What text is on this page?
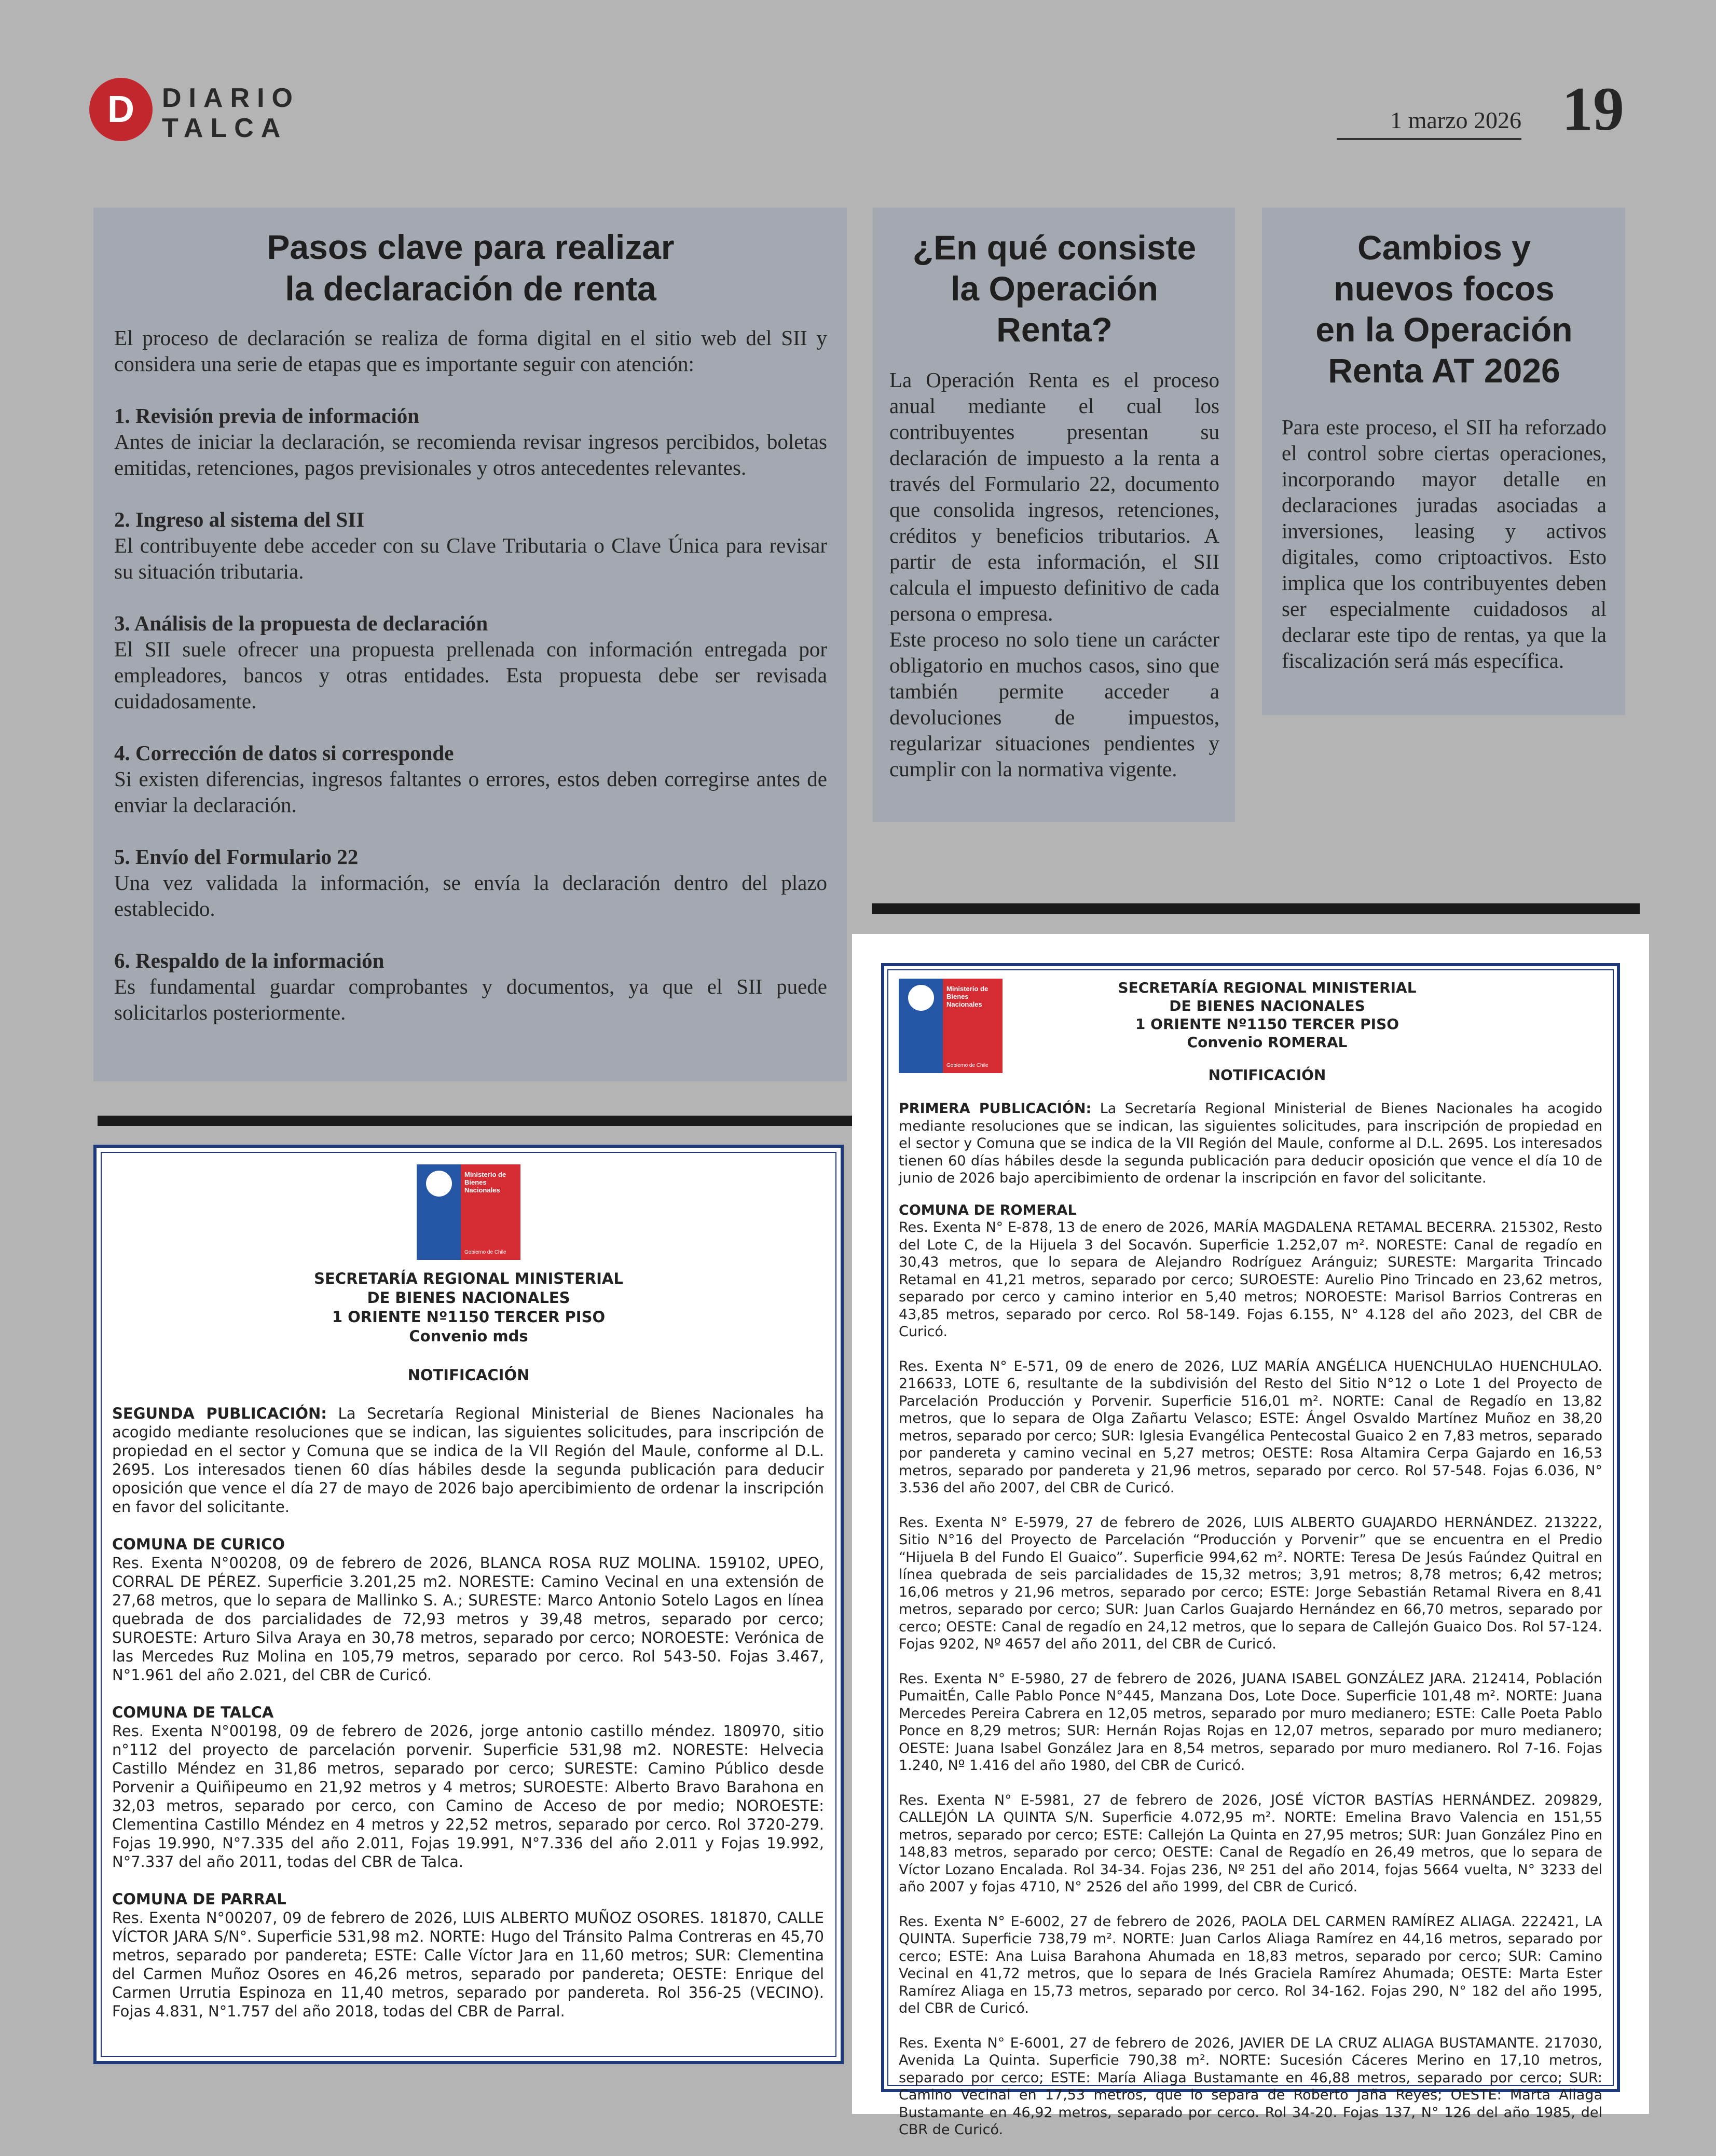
D	DIARIO
TALCA	1 marzo 2026 19
Pasos clave para realizar
la declaración de renta

El proceso de declaración se realiza de forma digital en el sitio web del SII y considera una serie de etapas que es importante seguir con atención:

1. Revisión previa de información

Antes de iniciar la declaración, se recomienda revisar ingresos percibidos, boletas emitidas, retenciones, pagos previsionales y otros antecedentes relevantes.

2. Ingreso al sistema del SII

El contribuyente debe acceder con su Clave Tributaria o Clave Única para revisar su situación tributaria.

3. Análisis de la propuesta de declaración

El SII suele ofrecer una propuesta prellenada con información entregada por empleadores, bancos y otras entidades. Esta propuesta debe ser revisada cuidadosamente.

4. Corrección de datos si corresponde

Si existen diferencias, ingresos faltantes o errores, estos deben corregirse antes de enviar la declaración.

5. Envío del Formulario 22

Una vez validada la información, se envía la declaración dentro del plazo establecido.

6. Respaldo de la información

Es fundamental guardar comprobantes y documentos, ya que el SII puede solicitarlos posteriormente.

¿En qué consiste
la Operación
Renta?

La Operación Renta es el proceso anual mediante el cual los contribuyentes presentan su declaración de impuesto a la renta a través del Formulario 22, documento que consolida ingresos, retenciones, créditos y beneficios tributarios. A partir de esta información, el SII calcula el impuesto definitivo de cada persona o empresa.

Este proceso no solo tiene un carácter obligatorio en muchos casos, sino que también permite acceder a devoluciones de impuestos, regularizar situaciones pendientes y cumplir con la normativa vigente.

Cambios y
nuevos focos
en la Operación
Renta AT 2026

Para este proceso, el SII ha reforzado el control sobre ciertas operaciones, incorporando mayor detalle en declaraciones juradas asociadas a inversiones, leasing y activos digitales, como criptoactivos. Esto implica que los contribuyentes deben ser especialmente cuidadosos al declarar este tipo de rentas, ya que la fiscalización será más específica.

Ministerio de
Bienes
Nacionales
Gobierno de Chile
SECRETARÍA REGIONAL MINISTERIAL
DE BIENES NACIONALES
1 ORIENTE Nº1150 TERCER PISO
Convenio mds
NOTIFICACIÓN

SEGUNDA PUBLICACIÓN: La Secretaría Regional Ministerial de Bienes Nacionales ha acogido mediante resoluciones que se indican, las siguientes solicitudes, para inscripción de propiedad en el sector y Comuna que se indica de la VII Región del Maule, conforme al D.L. 2695. Los interesados tienen 60 días hábiles desde la segunda publicación para deducir oposición que vence el día 27 de mayo de 2026 bajo apercibimiento de ordenar la inscripción en favor del solicitante.

COMUNA DE CURICO

Res. Exenta N°00208, 09 de febrero de 2026, BLANCA ROSA RUZ MOLINA. 159102, UPEO, CORRAL DE PÉREZ. Superficie 3.201,25 m2. NORESTE: Camino Vecinal en una extensión de 27,68 metros, que lo separa de Mallinko S. A.; SURESTE: Marco Antonio Sotelo Lagos en línea quebrada de dos parcialidades de 72,93 metros y 39,48 metros, separado por cerco; SUROESTE: Arturo Silva Araya en 30,78 metros, separado por cerco; NOROESTE: Verónica de las Mercedes Ruz Molina en 105,79 metros, separado por cerco. Rol 543-50. Fojas 3.467, N°1.961 del año 2.021, del CBR de Curicó.

COMUNA DE TALCA

Res. Exenta N°00198, 09 de febrero de 2026, jorge antonio castillo méndez. 180970, sitio n°112 del proyecto de parcelación porvenir. Superficie 531,98 m2. NORESTE: Helvecia Castillo Méndez en 31,86 metros, separado por cerco; SURESTE: Camino Público desde Porvenir a Quiñipeumo en 21,92 metros y 4 metros; SUROESTE: Alberto Bravo Barahona en 32,03 metros, separado por cerco, con Camino de Acceso de por medio; NOROESTE: Clementina Castillo Méndez en 4 metros y 22,52 metros, separado por cerco. Rol 3720-279. Fojas 19.990, N°7.335 del año 2.011, Fojas 19.991, N°7.336 del año 2.011 y Fojas 19.992, N°7.337 del año 2011, todas del CBR de Talca.

COMUNA DE PARRAL

Res. Exenta N°00207, 09 de febrero de 2026, LUIS ALBERTO MUÑOZ OSORES. 181870, CALLE VÍCTOR JARA S/N°. Superficie 531,98 m2. NORTE: Hugo del Tránsito Palma Contreras en 45,70 metros, separado por pandereta; ESTE: Calle Víctor Jara en 11,60 metros; SUR: Clementina del Carmen Muñoz Osores en 46,26 metros, separado por pandereta; OESTE: Enrique del Carmen Urrutia Espinoza en 11,40 metros, separado por pandereta. Rol 356-25 (VECINO). Fojas 4.831, N°1.757 del año 2018, todas del CBR de Parral.

Ministerio de
Bienes
Nacionales
Gobierno de Chile
SECRETARÍA REGIONAL MINISTERIAL
DE BIENES NACIONALES
1 ORIENTE Nº1150 TERCER PISO
Convenio ROMERAL
NOTIFICACIÓN

PRIMERA PUBLICACIÓN: La Secretaría Regional Ministerial de Bienes Nacionales ha acogido mediante resoluciones que se indican, las siguientes solicitudes, para inscripción de propiedad en el sector y Comuna que se indica de la VII Región del Maule, conforme al D.L. 2695. Los interesados tienen 60 días hábiles desde la segunda publicación para deducir oposición que vence el día 10 de junio de 2026 bajo apercibimiento de ordenar la inscripción en favor del solicitante.

COMUNA DE ROMERAL

Res. Exenta N° E-878, 13 de enero de 2026, MARÍA MAGDALENA RETAMAL BECERRA. 215302, Resto del Lote C, de la Hijuela 3 del Socavón. Superficie 1.252,07 m². NORESTE: Canal de regadío en 30,43 metros, que lo separa de Alejandro Rodríguez Aránguiz; SURESTE: Margarita Trincado Retamal en 41,21 metros, separado por cerco; SUROESTE: Aurelio Pino Trincado en 23,62 metros, separado por cerco y camino interior en 5,40 metros; NOROESTE: Marisol Barrios Contreras en 43,85 metros, separado por cerco. Rol 58-149. Fojas 6.155, N° 4.128 del año 2023, del CBR de Curicó.

Res. Exenta N° E-571, 09 de enero de 2026, LUZ MARÍA ANGÉLICA HUENCHULAO HUENCHULAO. 216633, LOTE 6, resultante de la subdivisión del Resto del Sitio N°12 o Lote 1 del Proyecto de Parcelación Producción y Porvenir. Superficie 516,01 m². NORTE: Canal de Regadío en 13,82 metros, que lo separa de Olga Zañartu Velasco; ESTE: Ángel Osvaldo Martínez Muñoz en 38,20 metros, separado por cerco; SUR: Iglesia Evangélica Pentecostal Guaico 2 en 7,83 metros, separado por pandereta y camino vecinal en 5,27 metros; OESTE: Rosa Altamira Cerpa Gajardo en 16,53 metros, separado por pandereta y 21,96 metros, separado por cerco. Rol 57-548. Fojas 6.036, N° 3.536 del año 2007, del CBR de Curicó.

Res. Exenta N° E-5979, 27 de febrero de 2026, LUIS ALBERTO GUAJARDO HERNÁNDEZ. 213222, Sitio N°16 del Proyecto de Parcelación “Producción y Porvenir” que se encuentra en el Predio “Hijuela B del Fundo El Guaico”. Superficie 994,62 m². NORTE: Teresa De Jesús Faúndez Quitral en línea quebrada de seis parcialidades de 15,32 metros; 3,91 metros; 8,78 metros; 6,42 metros; 16,06 metros y 21,96 metros, separado por cerco; ESTE: Jorge Sebastián Retamal Rivera en 8,41 metros, separado por cerco; SUR: Juan Carlos Guajardo Hernández en 66,70 metros, separado por cerco; OESTE: Canal de regadío en 24,12 metros, que lo separa de Callejón Guaico Dos. Rol 57-124. Fojas 9202, Nº 4657 del año 2011, del CBR de Curicó.

Res. Exenta N° E-5980, 27 de febrero de 2026, JUANA ISABEL GONZÁLEZ JARA. 212414, Población PumaitÉn, Calle Pablo Ponce N°445, Manzana Dos, Lote Doce. Superficie 101,48 m². NORTE: Juana Mercedes Pereira Cabrera en 12,05 metros, separado por muro medianero; ESTE: Calle Poeta Pablo Ponce en 8,29 metros; SUR: Hernán Rojas Rojas en 12,07 metros, separado por muro medianero; OESTE: Juana Isabel González Jara en 8,54 metros, separado por muro medianero. Rol 7-16. Fojas 1.240, Nº 1.416 del año 1980, del CBR de Curicó.

Res. Exenta N° E-5981, 27 de febrero de 2026, JOSÉ VÍCTOR BASTÍAS HERNÁNDEZ. 209829, CALLEJÓN LA QUINTA S/N. Superficie 4.072,95 m². NORTE: Emelina Bravo Valencia en 151,55 metros, separado por cerco; ESTE: Callejón La Quinta en 27,95 metros; SUR: Juan González Pino en 148,83 metros, separado por cerco; OESTE: Canal de Regadío en 26,49 metros, que lo separa de Víctor Lozano Encalada. Rol 34-34. Fojas 236, Nº 251 del año 2014, fojas 5664 vuelta, N° 3233 del año 2007 y fojas 4710, N° 2526 del año 1999, del CBR de Curicó.

Res. Exenta N° E-6002, 27 de febrero de 2026, PAOLA DEL CARMEN RAMÍREZ ALIAGA. 222421, LA QUINTA. Superficie 738,79 m². NORTE: Juan Carlos Aliaga Ramírez en 44,16 metros, separado por cerco; ESTE: Ana Luisa Barahona Ahumada en 18,83 metros, separado por cerco; SUR: Camino Vecinal en 41,72 metros, que lo separa de Inés Graciela Ramírez Ahumada; OESTE: Marta Ester Ramírez Aliaga en 15,73 metros, separado por cerco. Rol 34-162. Fojas 290, N° 182 del año 1995, del CBR de Curicó.

Res. Exenta N° E-6001, 27 de febrero de 2026, JAVIER DE LA CRUZ ALIAGA BUSTAMANTE. 217030, Avenida La Quinta. Superficie 790,38 m². NORTE: Sucesión Cáceres Merino en 17,10 metros, separado por cerco; ESTE: María Aliaga Bustamante en 46,88 metros, separado por cerco; SUR: Camino Vecinal en 17,53 metros, que lo separa de Roberto Jaña Reyes; OESTE: Marta Aliaga Bustamante en 46,92 metros, separado por cerco. Rol 34-20. Fojas 137, N° 126 del año 1985, del CBR de Curicó.
